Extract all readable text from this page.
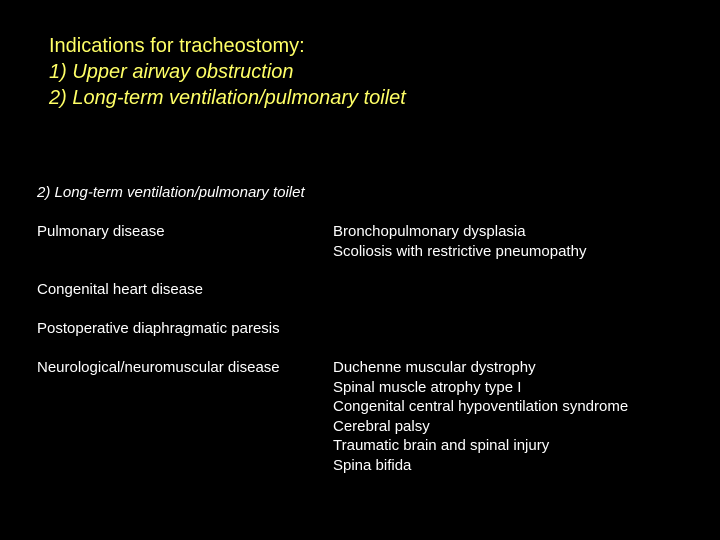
Indications for tracheostomy:
1) Upper airway obstruction
2) Long-term ventilation/pulmonary toilet
2) Long-term ventilation/pulmonary toilet
Pulmonary disease	Bronchopulmonary dysplasia
Scoliosis with restrictive pneumopathy
Congenital heart disease
Postoperative diaphragmatic paresis
Neurological/neuromuscular disease	Duchenne muscular dystrophy
Spinal muscle atrophy type I
Congenital central hypoventilation syndrome
Cerebral palsy
Traumatic brain and spinal injury
Spina bifida
